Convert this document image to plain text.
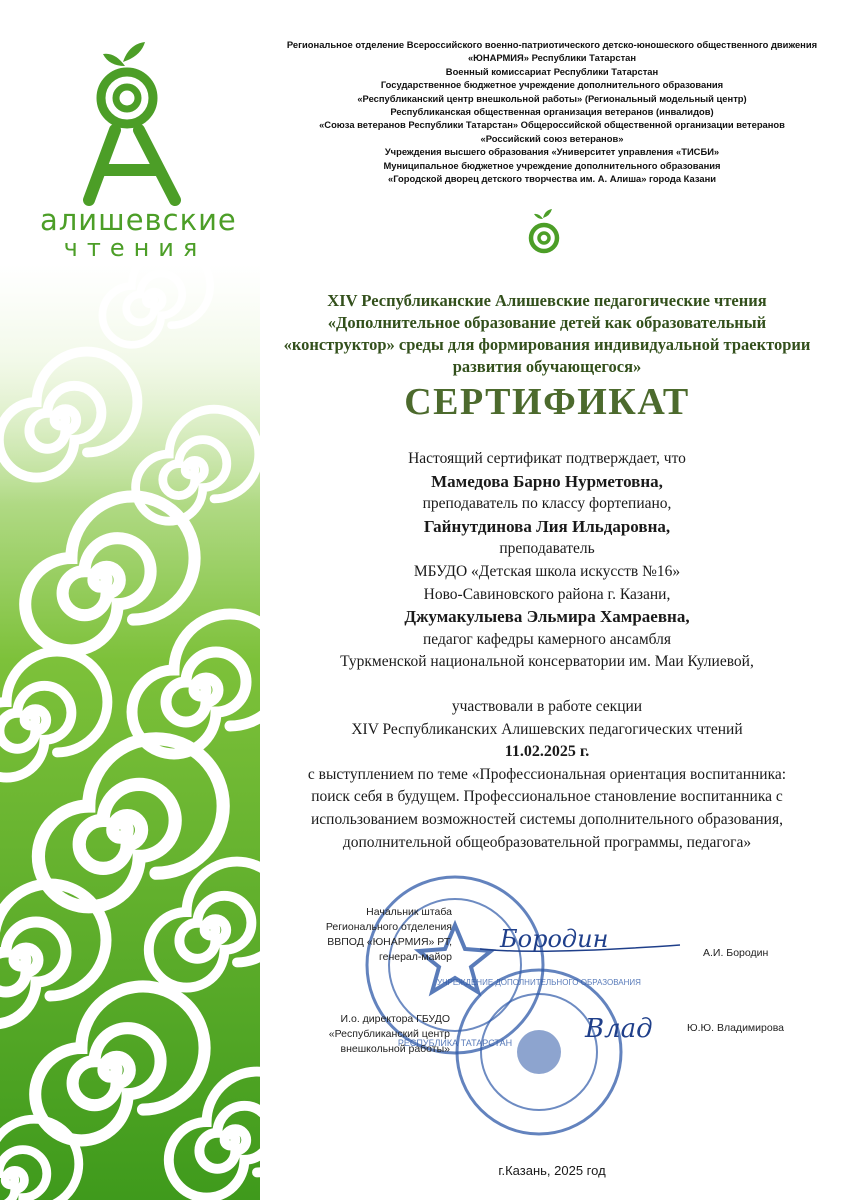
алишевские
чтения
Региональное отделение Всероссийского военно-патриотического детско-юношеского общественного движения
«ЮНАРМИЯ» Республики Татарстан
Военный комиссариат Республики Татарстан
Государственное бюджетное учреждение дополнительного образования
«Республиканский центр внешкольной работы» (Региональный модельный центр)
Республиканская общественная организация ветеранов (инвалидов)
«Союза ветеранов Республики Татарстан» Общероссийской общественной организации ветеранов
«Российский союз ветеранов»
Учреждения высшего образования «Университет управления «ТИСБИ»
Муниципальное бюджетное учреждение дополнительного образования
«Городской дворец детского творчества им. А. Алиша» города Казани
XIV Республиканские Алишевские педагогические чтения
«Дополнительное образование детей как образовательный
«конструктор» среды для формирования индивидуальной траектории
развития обучающегося»
СЕРТИФИКАТ
Настоящий сертификат подтверждает, что
Мамедова Барно Нурметовна,
преподаватель по классу фортепиано,
Гайнутдинова Лия Ильдаровна,
преподаватель
МБУДО «Детская школа искусств №16»
Ново-Савиновского района г. Казани,
Джумакулыева Эльмира Хамраевна,
педагог кафедры камерного ансамбля
Туркменской национальной консерватории им. Маи Кулиевой,
участвовали в работе секции
XIV Республиканских Алишевских педагогических чтений
11.02.2025 г.
с выступлением по теме «Профессиональная ориентация воспитанника:
поиск себя в будущем. Профессиональное становление воспитанника с
использованием возможностей системы дополнительного образования,
дополнительной общеобразовательной программы, педагога»
РЕСПУБЛИКА ТАТАРСТАН
УЧРЕЖДЕНИЕ ДОПОЛНИТЕЛЬНОГО ОБРАЗОВАНИЯ
Начальник штаба
Регионального отделения
ВВПОД «ЮНАРМИЯ» РТ,
генерал-майор
Бородин	А.И. Бородин
И.о. директора ГБУДО
«Республиканский центр
внешкольной работы»
Влад	Ю.Ю. Владимирова
г.Казань, 2025 год
